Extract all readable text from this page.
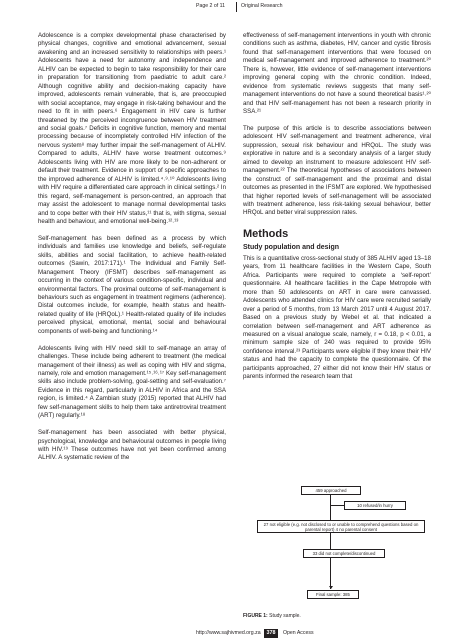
Page 2 of 11	Original Research

Adolescence is a complex developmental phase characterised by physical changes, cognitive and emotional advancement, sexual awakening and an increased sensitivity to relationships with peers.¹ Adolescents have a need for autonomy and independence and ALHIV can be expected to begin to take responsibility for their care in preparation for transitioning from paediatric to adult care.² Although cognitive ability and decision-making capacity have improved, adolescents remain vulnerable, that is, are preoccupied with social acceptance, may engage in risk-taking behaviour and the need to fit in with peers.⁶ Engagement in HIV care is further threatened by the perceived incongruence between HIV treatment and social goals.⁷ Deficits in cognitive function, memory and mental processing because of incompletely controlled HIV infection of the nervous system⁸ may further impair the self-management of ALHIV. Compared to adults, ALHIV have worse treatment outcomes.⁹ Adolescents living with HIV are more likely to be non-adherent or default their treatment. Evidence in support of specific approaches to the improved adherence of ALHIV is limited.⁴˒⁹˒¹⁰ Adolescents living with HIV require a differentiated care approach in clinical settings.² In this regard, self-management is person-centred, an approach that may assist the adolescent to manage normal developmental tasks and to cope better with their HIV status,¹¹ that is, with stigma, sexual health and behaviour, and emotional well-being.¹²˒¹³

Self-management has been defined as a process by which individuals and families use knowledge and beliefs, self-regulate skills, abilities and social facilitation, to achieve health-related outcomes (Sawin, 2017:171).¹ The Individual and Family Self-Management Theory (IFSMT) describes self-management as occurring in the context of various condition-specific, individual and environmental factors. The proximal outcome of self-management is behaviours such as engagement in treatment regimens (adherence). Distal outcomes include, for example, health status and health-related quality of life (HRQoL).¹ Health-related quality of life includes perceived physical, emotional, mental, social and behavioural components of well-being and functioning.¹⁴

Adolescents living with HIV need skill to self-manage an array of challenges. These include being adherent to treatment (the medical management of their illness) as well as coping with HIV and stigma, namely, role and emotion management.¹⁵˒¹⁶˒¹⁷ Key self-management skills also include problem-solving, goal-setting and self-evaluation.⁷ Evidence in this regard, particularly in ALHIV in Africa and the SSA region, is limited.⁴ A Zambian study (2015) reported that ALHIV had few self-management skills to help them take antiretroviral treatment (ART) regularly.¹⁸

Self-management has been associated with better physical, psychological, knowledge and behavioural outcomes in people living with HIV.¹⁹ These outcomes have not yet been confirmed among ALHIV. A systematic review of the

effectiveness of self-management interventions in youth with chronic conditions such as asthma, diabetes, HIV, cancer and cystic fibrosis found that self-management interventions that were focused on medical self-management and improved adherence to treatment.²⁰ There is, however, little evidence of self-management interventions improving general coping with the chronic condition. Indeed, evidence from systematic reviews suggests that many self-management interventions do not have a sound theoretical basis¹˒²⁰ and that HIV self-management has not been a research priority in SSA.²¹

The purpose of this article is to describe associations between adolescent HIV self-management and treatment adherence, viral suppression, sexual risk behaviour and HRQoL. The study was explorative in nature and is a secondary analysis of a larger study aimed to develop an instrument to measure adolescent HIV self-management.²² The theoretical hypotheses of associations between the construct of self-management and the proximal and distal outcomes as presented in the IFSMT are explored. We hypothesised that higher reported levels of self-management will be associated with treatment adherence, less risk-taking sexual behaviour, better HRQoL and better viral suppression rates.

Methods
Study population and design

This is a quantitative cross-sectional study of 385 ALHIV aged 13–18 years, from 11 healthcare facilities in the Western Cape, South Africa. Participants were required to complete a ‘self-report’ questionnaire. All healthcare facilities in the Cape Metropole with more than 50 adolescents on ART in care were canvassed. Adolescents who attended clinics for HIV care were recruited serially over a period of 5 months, from 13 March 2017 until 4 August 2017. Based on a previous study by Webel et al. that indicated a correlation between self-management and ART adherence as measured on a visual analogue scale, namely, r = 0.18, p < 0.01, a minimum sample size of 240 was required to provide 95% confidence interval.²³ Participants were eligible if they knew their HIV status and had the capacity to complete the questionnaire. Of the participants approached, 27 either did not know their HIV status or parents informed the research team that

459 approached
10 refused/in hurry
27 not eligible (e.g. not disclosed to or unable to comprehend questions based on parental report) 4 no parental consent
33 did not complete/discontinued
Final sample: 385
FIGURE 1: Study sample.
http://www.sajhivmed.org.za	378	Open Access
